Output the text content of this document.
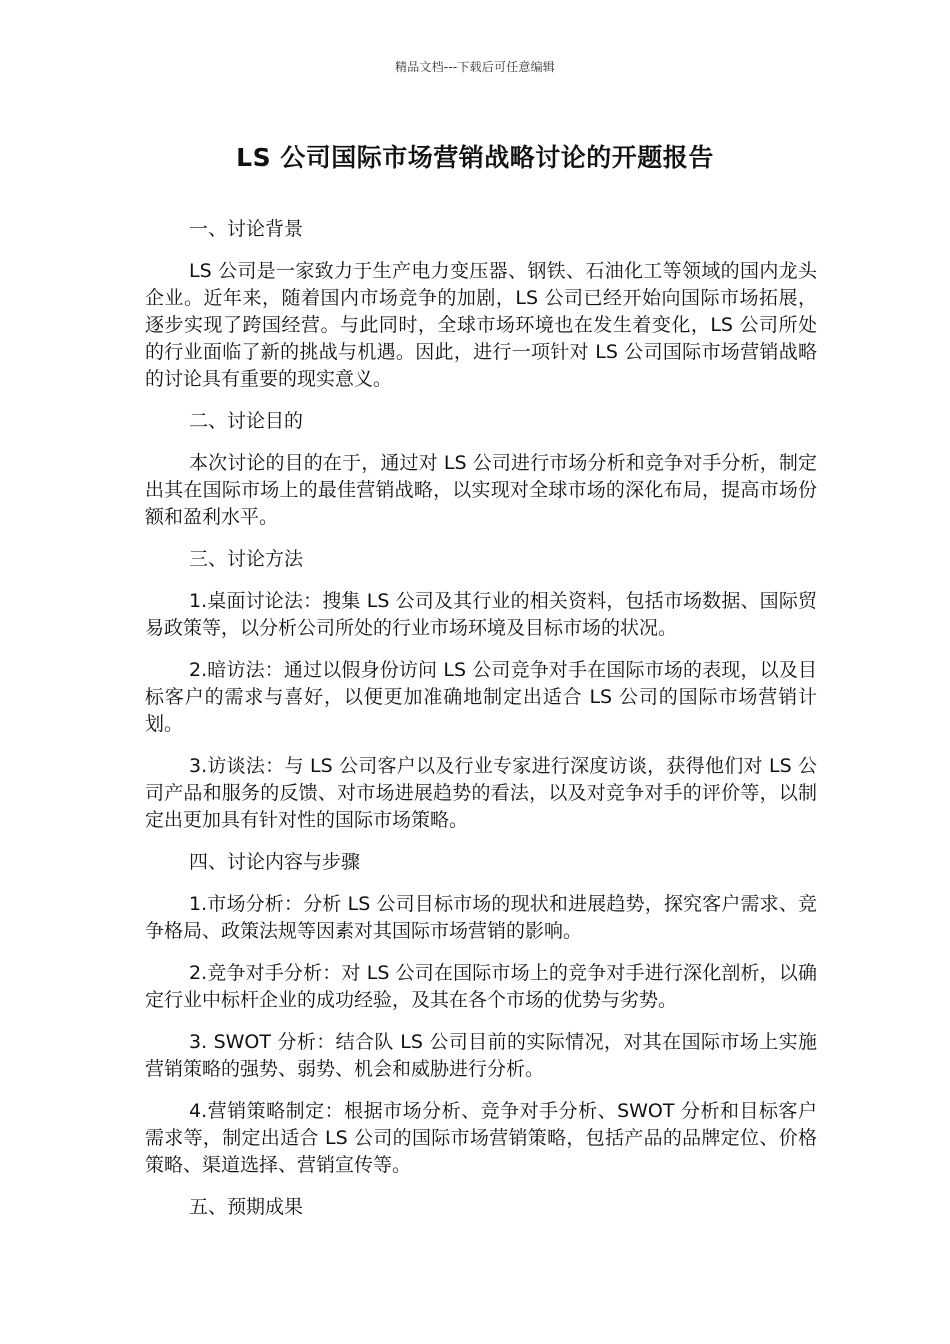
精品文档---下载后可任意编辑
LS 公司国际市场营销战略讨论的开题报告

一、讨论背景

LS 公司是一家致力于生产电力变压器、钢铁、石油化工等领域的国内龙头企业。近年来，随着国内市场竞争的加剧，LS 公司已经开始向国际市场拓展，逐步实现了跨国经营。与此同时，全球市场环境也在发生着变化，LS 公司所处的行业面临了新的挑战与机遇。因此，进行一项针对 LS 公司国际市场营销战略的讨论具有重要的现实意义。

二、讨论目的

本次讨论的目的在于，通过对 LS 公司进行市场分析和竞争对手分析，制定出其在国际市场上的最佳营销战略，以实现对全球市场的深化布局，提高市场份额和盈利水平。

三、讨论方法

1.桌面讨论法：搜集 LS 公司及其行业的相关资料，包括市场数据、国际贸易政策等，以分析公司所处的行业市场环境及目标市场的状况。

2.暗访法：通过以假身份访问 LS 公司竞争对手在国际市场的表现，以及目标客户的需求与喜好，以便更加准确地制定出适合 LS 公司的国际市场营销计划。

3.访谈法：与 LS 公司客户以及行业专家进行深度访谈，获得他们对 LS 公司产品和服务的反馈、对市场进展趋势的看法，以及对竞争对手的评价等，以制定出更加具有针对性的国际市场策略。

四、讨论内容与步骤

1.市场分析：分析 LS 公司目标市场的现状和进展趋势，探究客户需求、竞争格局、政策法规等因素对其国际市场营销的影响。

2.竞争对手分析：对 LS 公司在国际市场上的竞争对手进行深化剖析，以确定行业中标杆企业的成功经验，及其在各个市场的优势与劣势。

3. SWOT 分析：结合队 LS 公司目前的实际情况，对其在国际市场上实施营销策略的强势、弱势、机会和威胁进行分析。

4.营销策略制定：根据市场分析、竞争对手分析、SWOT 分析和目标客户需求等，制定出适合 LS 公司的国际市场营销策略，包括产品的品牌定位、价格策略、渠道选择、营销宣传等。

五、预期成果
